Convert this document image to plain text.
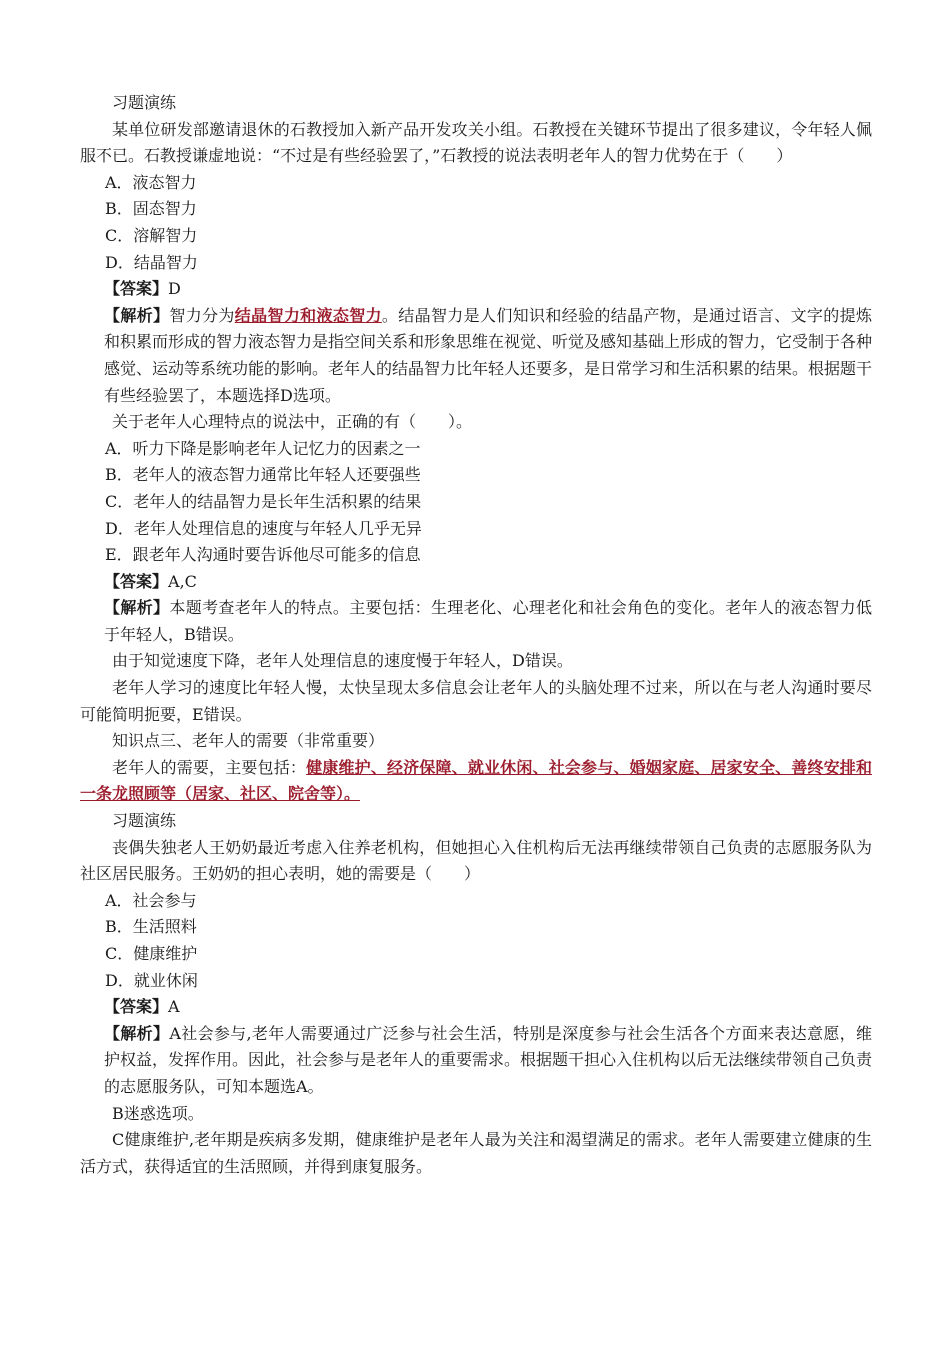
习题演练

某单位研发部邀请退休的石教授加入新产品开发攻关小组。石教授在关键环节提出了很多建议，令年轻人佩服不已。石教授谦虚地说：“不过是有些经验罢了，”石教授的说法表明老年人的智力优势在于（　　）

A．液态智力

B．固态智力

C．溶解智力

D．结晶智力

【答案】D

【解析】智力分为结晶智力和液态智力。结晶智力是人们知识和经验的结晶产物，是通过语言、文字的提炼和积累而形成的智力液态智力是指空间关系和形象思维在视觉、听觉及感知基础上形成的智力，它受制于各种感觉、运动等系统功能的影响。老年人的结晶智力比年轻人还要多，是日常学习和生活积累的结果。根据题干有些经验罢了，本题选择D选项。

关于老年人心理特点的说法中，正确的有（　　）。

A．听力下降是影响老年人记忆力的因素之一

B．老年人的液态智力通常比年轻人还要强些

C．老年人的结晶智力是长年生活积累的结果

D．老年人处理信息的速度与年轻人几乎无异

E．跟老年人沟通时要告诉他尽可能多的信息

【答案】A,C

【解析】本题考查老年人的特点。主要包括：生理老化、心理老化和社会角色的变化。老年人的液态智力低于年轻人，B错误。

由于知觉速度下降，老年人处理信息的速度慢于年轻人，D错误。

老年人学习的速度比年轻人慢，太快呈现太多信息会让老年人的头脑处理不过来，所以在与老人沟通时要尽可能简明扼要，E错误。

知识点三、老年人的需要（非常重要）

老年人的需要，主要包括：健康维护、经济保障、就业休闲、社会参与、婚姻家庭、居家安全、善终安排和一条龙照顾等（居家、社区、院舍等）。

习题演练

丧偶失独老人王奶奶最近考虑入住养老机构，但她担心入住机构后无法再继续带领自己负责的志愿服务队为社区居民服务。王奶奶的担心表明，她的需要是（　　）

A．社会参与

B．生活照料

C．健康维护

D．就业休闲

【答案】A

【解析】A社会参与,老年人需要通过广泛参与社会生活，特别是深度参与社会生活各个方面来表达意愿，维护权益，发挥作用。因此，社会参与是老年人的重要需求。根据题干担心入住机构以后无法继续带领自己负责的志愿服务队，可知本题选A。

B迷惑选项。

C健康维护,老年期是疾病多发期，健康维护是老年人最为关注和渴望满足的需求。老年人需要建立健康的生活方式，获得适宜的生活照顾，并得到康复服务。
